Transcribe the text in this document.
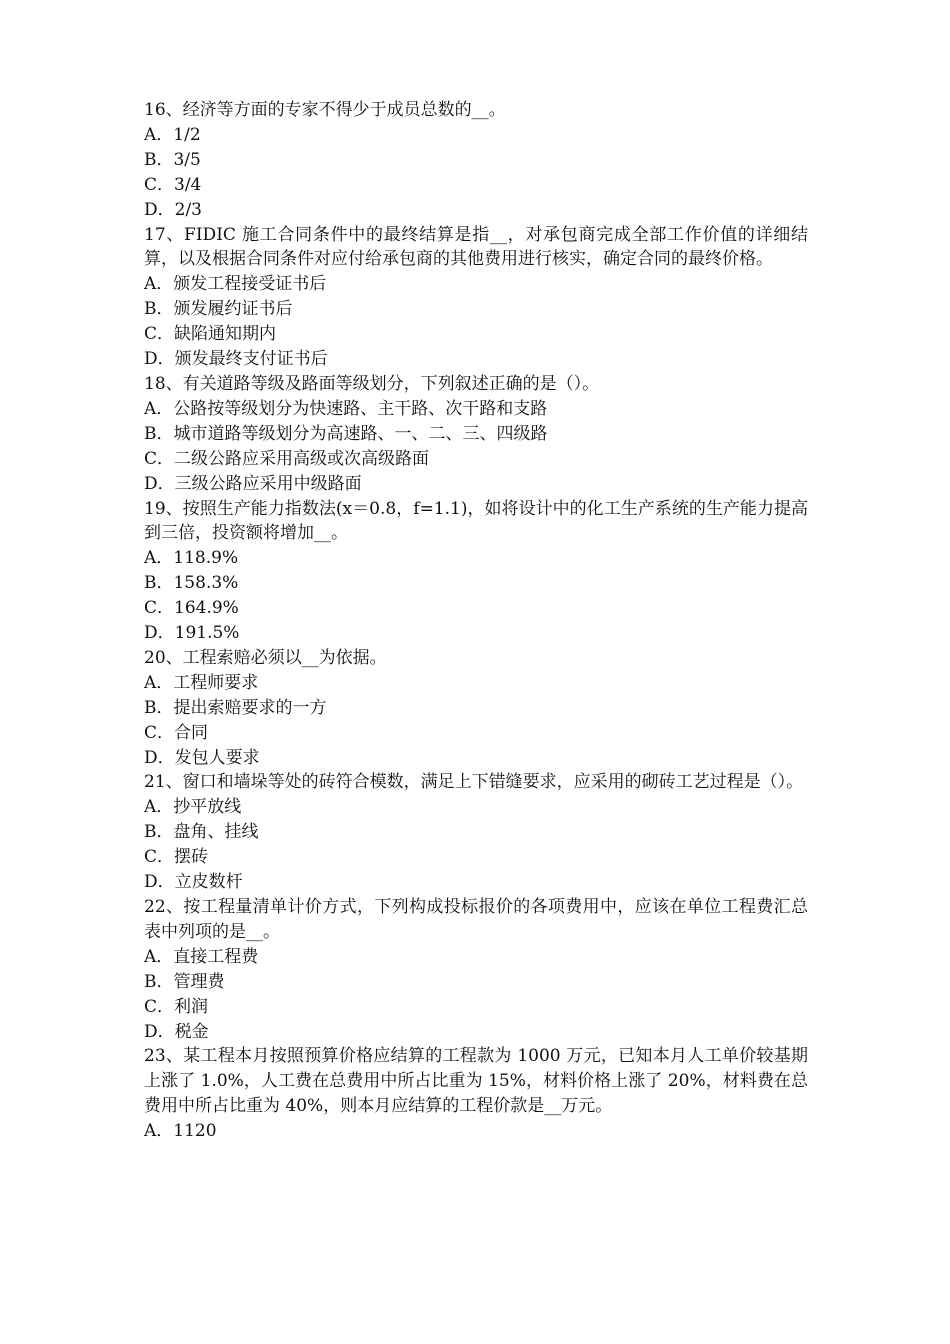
16、经济等方面的专家不得少于成员总数的__。
A．1/2
B．3/5
C．3/4
D．2/3
17、FIDIC 施工合同条件中的最终结算是指__，对承包商完成全部工作价值的详细结算，以及根据合同条件对应付给承包商的其他费用进行核实，确定合同的最终价格。
A．颁发工程接受证书后
B．颁发履约证书后
C．缺陷通知期内
D．颁发最终支付证书后
18、有关道路等级及路面等级划分，下列叙述正确的是（）。
A．公路按等级划分为快速路、主干路、次干路和支路
B．城市道路等级划分为高速路、一、二、三、四级路
C．二级公路应采用高级或次高级路面
D．三级公路应采用中级路面
19、按照生产能力指数法(x＝0.8，f=1.1)，如将设计中的化工生产系统的生产能力提高到三倍，投资额将增加__。
A．118.9%
B．158.3%
C．164.9%
D．191.5%
20、工程索赔必须以__为依据。
A．工程师要求
B．提出索赔要求的一方
C．合同
D．发包人要求
21、窗口和墙垛等处的砖符合模数，满足上下错缝要求，应采用的砌砖工艺过程是（）。
A．抄平放线
B．盘角、挂线
C．摆砖
D．立皮数杆
22、按工程量清单计价方式，下列构成投标报价的各项费用中，应该在单位工程费汇总表中列项的是__。
A．直接工程费
B．管理费
C．利润
D．税金
23、某工程本月按照预算价格应结算的工程款为 1000 万元，已知本月人工单价较基期上涨了 1.0%，人工费在总费用中所占比重为 15%，材料价格上涨了 20%，材料费在总费用中所占比重为 40%，则本月应结算的工程价款是__万元。
A．1120
